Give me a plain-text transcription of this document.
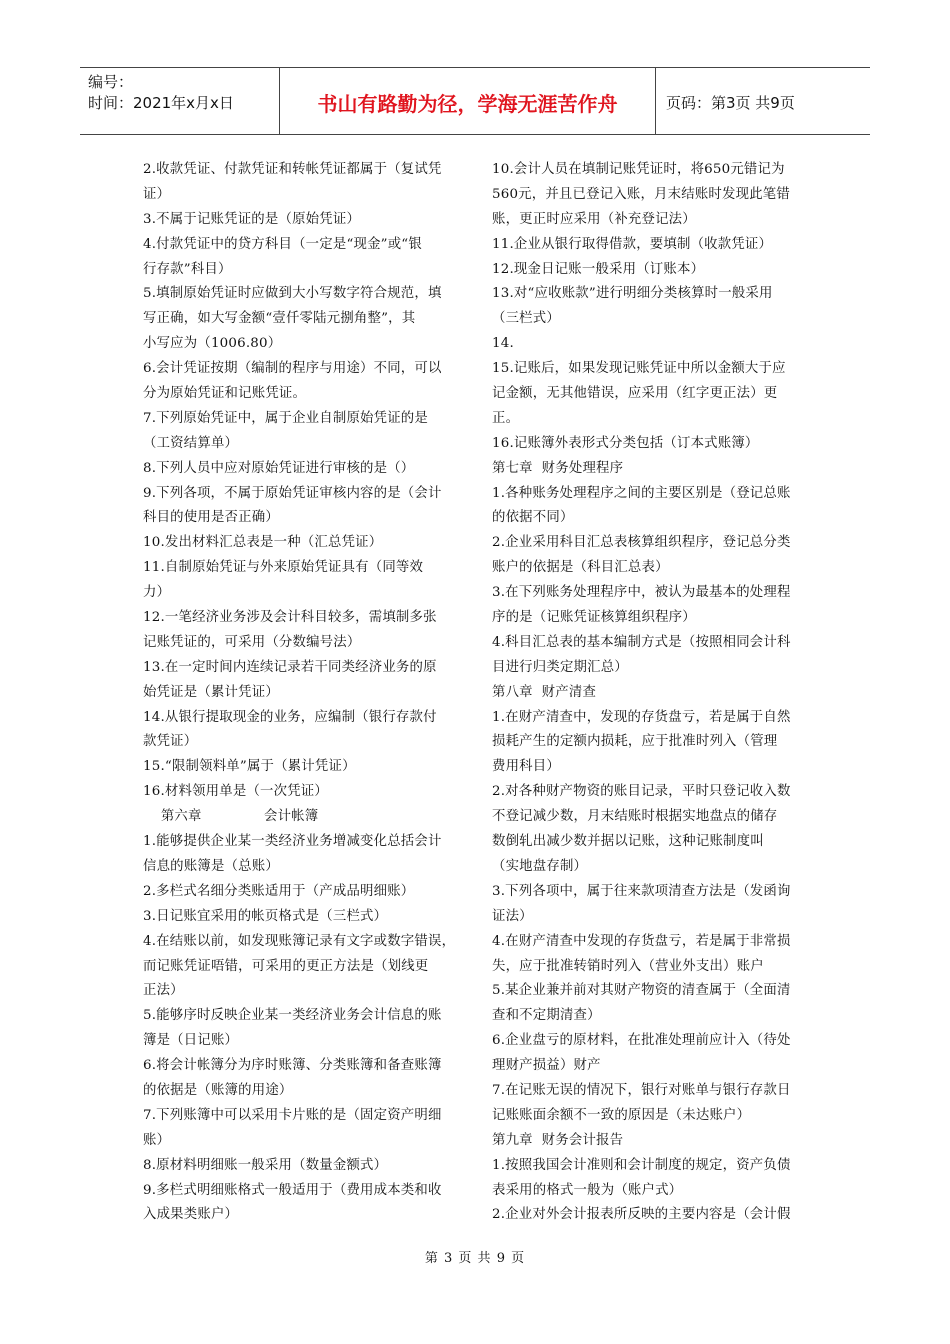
编号：
时间：2021年x月x日	书山有路勤为径，学海无涯苦作舟	页码：第3页 共9页
2.收款凭证、付款凭证和转帐凭证都属于（复试凭
证）
3.不属于记账凭证的是（原始凭证）
4.付款凭证中的贷方科目（一定是“现金”或“银
行存款”科目）
5.填制原始凭证时应做到大小写数字符合规范，填
写正确，如大写金额“壹仟零陆元捌角整”，其
小写应为（1006.80）
6.会计凭证按期（编制的程序与用途）不同，可以
分为原始凭证和记账凭证。
7.下列原始凭证中，属于企业自制原始凭证的是
（工资结算单）
8.下列人员中应对原始凭证进行审核的是（）
9.下列各项，不属于原始凭证审核内容的是（会计
科目的使用是否正确）
10.发出材料汇总表是一种（汇总凭证）
11.自制原始凭证与外来原始凭证具有（同等效
力）
12.一笔经济业务涉及会计科目较多，需填制多张
记账凭证的，可采用（分数编号法）
13.在一定时间内连续记录若干同类经济业务的原
始凭证是（累计凭证）
14.从银行提取现金的业务，应编制（银行存款付
款凭证）
15.“限制领料单”属于（累计凭证）
16.材料领用单是（一次凭证）
第六章              会计帐簿
1.能够提供企业某一类经济业务增减变化总括会计
信息的账簿是（总账）
2.多栏式名细分类账适用于（产成品明细账）
3.日记账宜采用的帐页格式是（三栏式）
4.在结账以前，如发现账簿记录有文字或数字错误，
而记账凭证唔错，可采用的更正方法是（划线更
正法）
5.能够序时反映企业某一类经济业务会计信息的账
簿是（日记账）
6.将会计帐簿分为序时账簿、分类账簿和备查账簿
的依据是（账簿的用途）
7.下列账簿中可以采用卡片账的是（固定资产明细
账）
8.原材料明细账一般采用（数量金额式）
9.多栏式明细账格式一般适用于（费用成本类和收
入成果类账户）
10.会计人员在填制记账凭证时，将650元错记为
560元，并且已登记入账，月末结账时发现此笔错
账，更正时应采用（补充登记法）
11.企业从银行取得借款，要填制（收款凭证）
12.现金日记账一般采用（订账本）
13.对“应收账款”进行明细分类核算时一般采用
（三栏式）
14.
15.记账后，如果发现记账凭证中所以金额大于应
记金额，无其他错误，应采用（红字更正法）更
正。
16.记账簿外表形式分类包括（订本式账簿）
第七章  财务处理程序
1.各种账务处理程序之间的主要区别是（登记总账
的依据不同）
2.企业采用科目汇总表核算组织程序，登记总分类
账户的依据是（科目汇总表）
3.在下列账务处理程序中，被认为最基本的处理程
序的是（记账凭证核算组织程序）
4.科目汇总表的基本编制方式是（按照相同会计科
目进行归类定期汇总）
第八章  财产清查
1.在财产清查中，发现的存货盘亏，若是属于自然
损耗产生的定额内损耗，应于批准时列入（管理
费用科目）
2.对各种财产物资的账目记录，平时只登记收入数
不登记减少数，月末结账时根据实地盘点的储存
数倒轧出减少数并据以记账，这种记账制度叫
（实地盘存制）
3.下列各项中，属于往来款项清查方法是（发函询
证法）
4.在财产清查中发现的存货盘亏，若是属于非常损
失，应于批准转销时列入（营业外支出）账户
5.某企业兼并前对其财产物资的清查属于（全面清
查和不定期清查）
6.企业盘亏的原材料，在批准处理前应计入（待处
理财产损益）财产
7.在记账无误的情况下，银行对账单与银行存款日
记账账面余额不一致的原因是（未达账户）
第九章  财务会计报告
1.按照我国会计准则和会计制度的规定，资产负债
表采用的格式一般为（账户式）
2.企业对外会计报表所反映的主要内容是（会计假
第 3 页 共 9 页
